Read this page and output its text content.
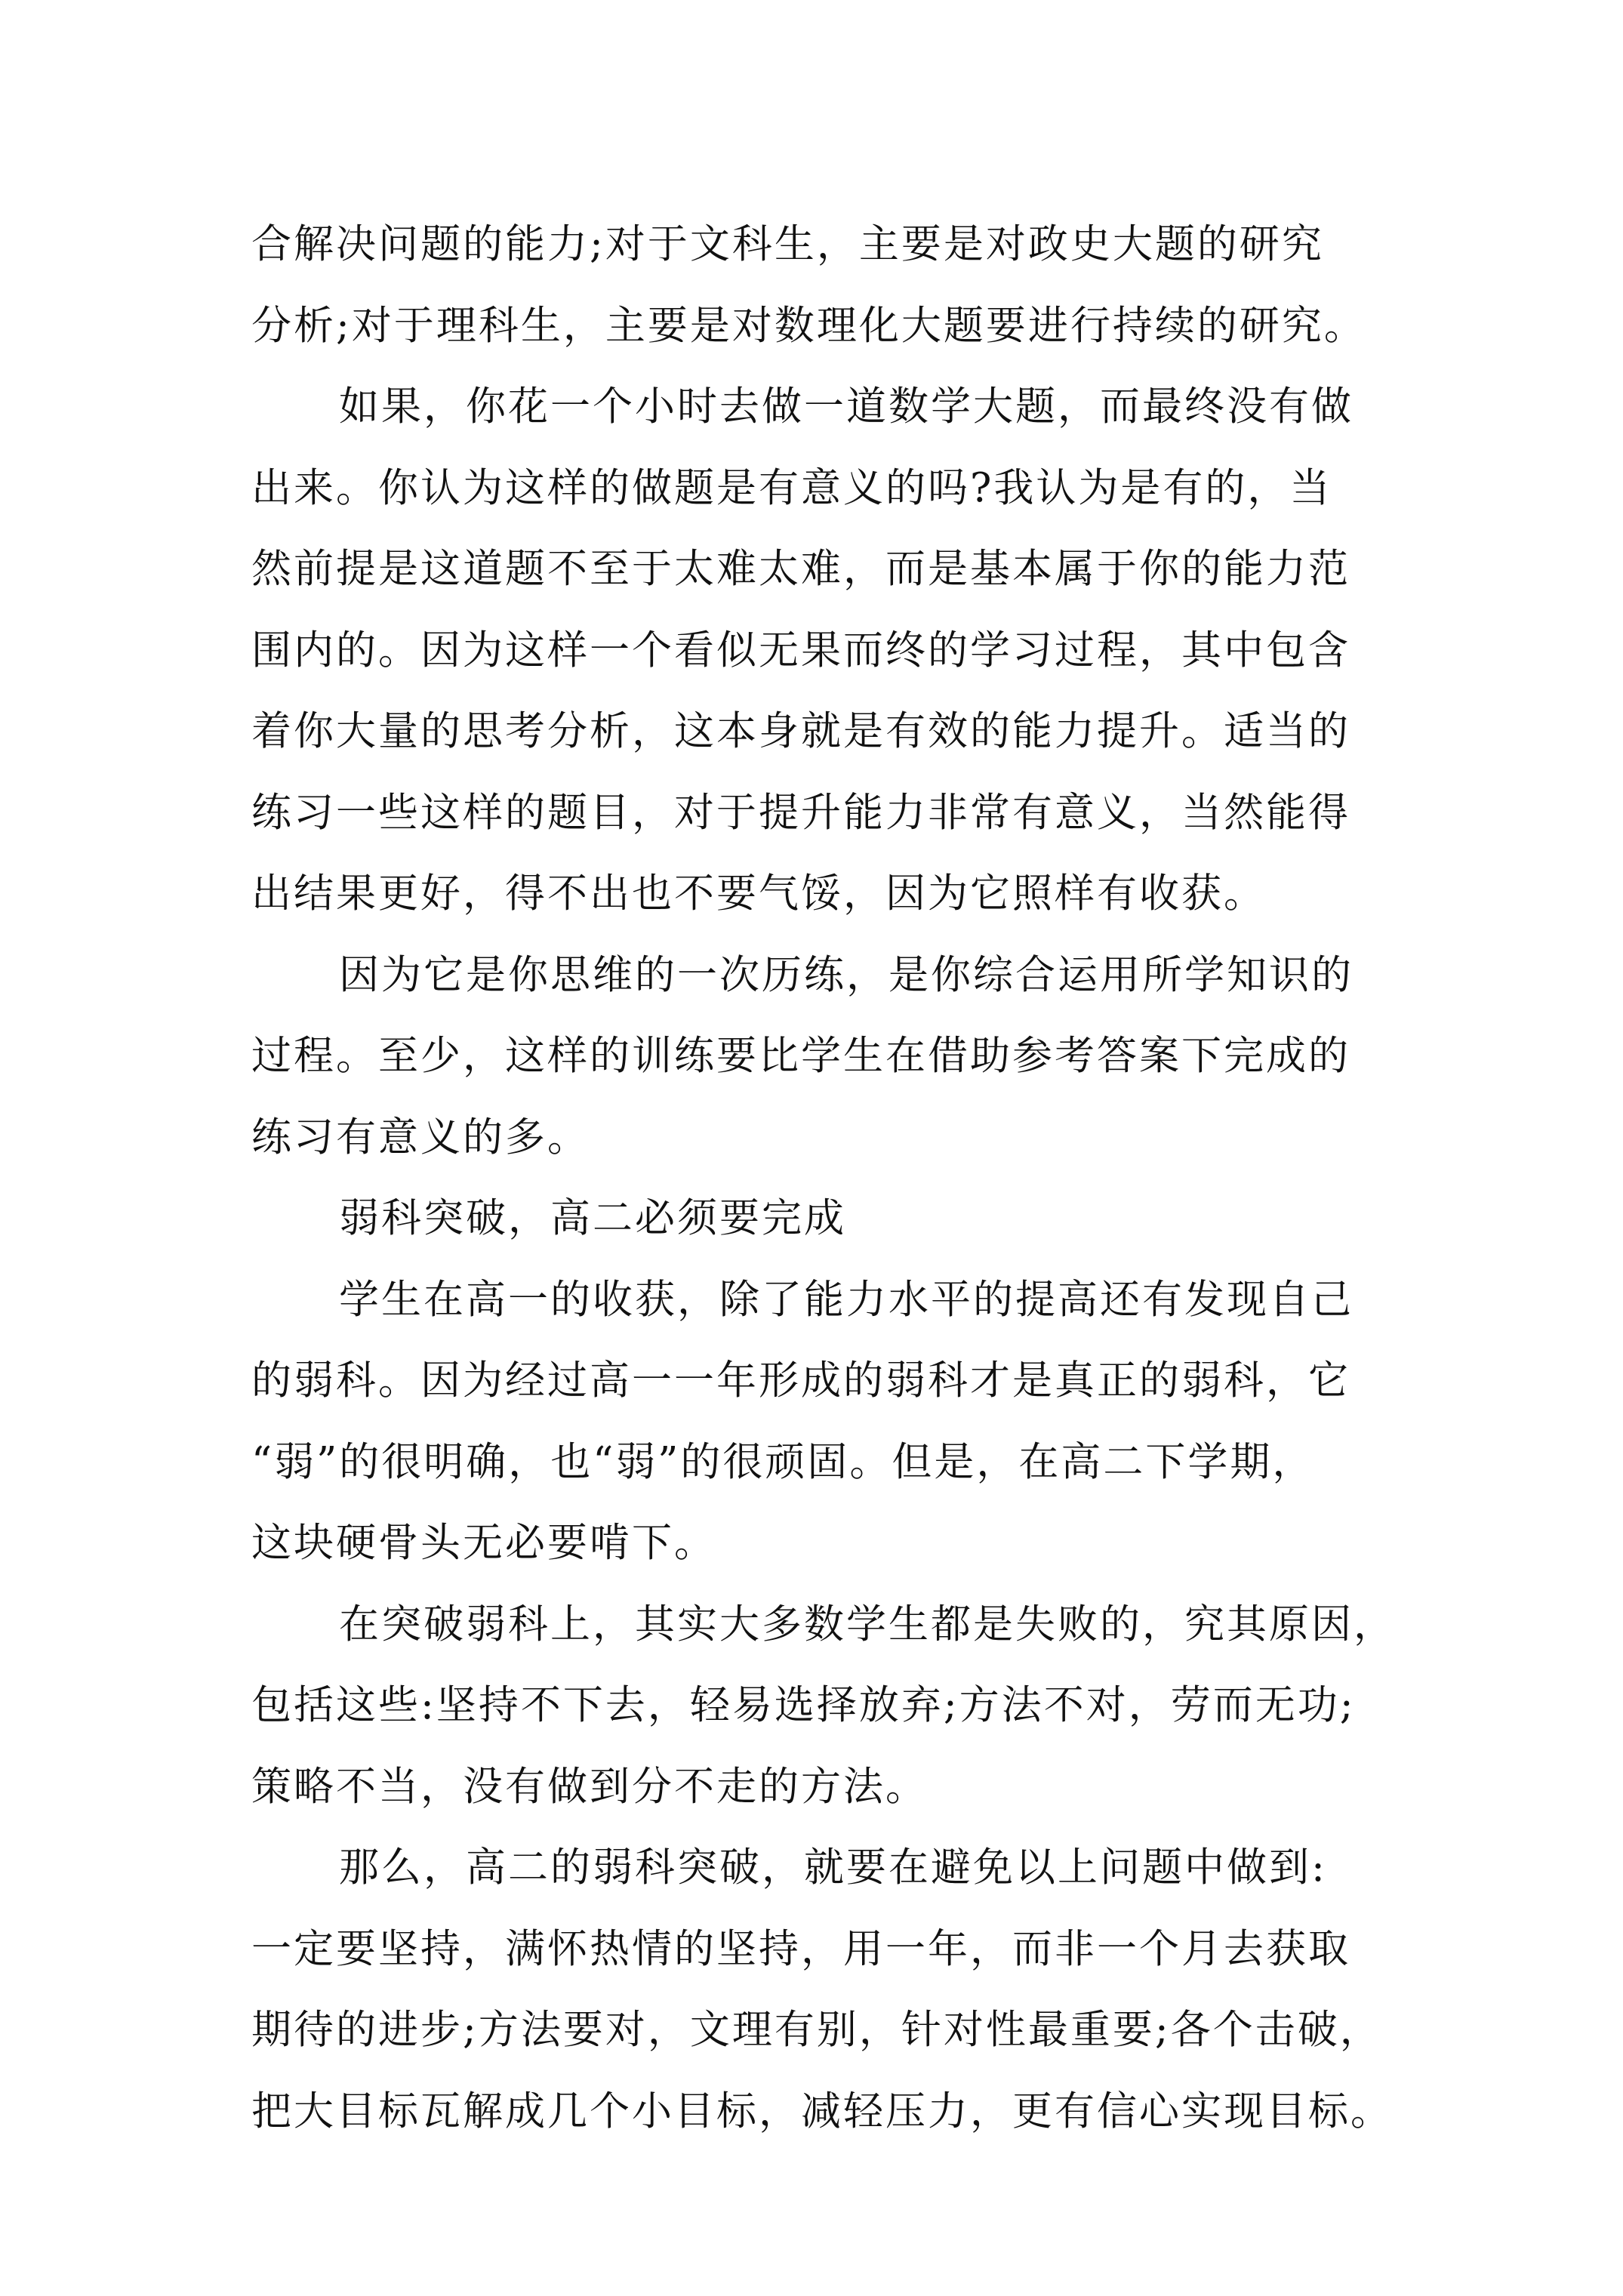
合解决问题的能力;对于文科生，主要是对政史大题的研究
分析;对于理科生，主要是对数理化大题要进行持续的研究。
如果，你花一个小时去做一道数学大题，而最终没有做
出来。你认为这样的做题是有意义的吗?我认为是有的，当
然前提是这道题不至于太难太难，而是基本属于你的能力范
围内的。因为这样一个看似无果而终的学习过程，其中包含
着你大量的思考分析，这本身就是有效的能力提升。适当的
练习一些这样的题目，对于提升能力非常有意义，当然能得
出结果更好，得不出也不要气馁，因为它照样有收获。
因为它是你思维的一次历练，是你综合运用所学知识的
过程。至少，这样的训练要比学生在借助参考答案下完成的
练习有意义的多。
弱科突破，高二必须要完成
学生在高一的收获，除了能力水平的提高还有发现自己
的弱科。因为经过高一一年形成的弱科才是真正的弱科，它
“弱”的很明确，也“弱”的很顽固。但是，在高二下学期，
这块硬骨头无必要啃下。
在突破弱科上，其实大多数学生都是失败的，究其原因，
包括这些:坚持不下去，轻易选择放弃;方法不对，劳而无功;
策略不当，没有做到分不走的方法。
那么，高二的弱科突破，就要在避免以上问题中做到:
一定要坚持，满怀热情的坚持，用一年，而非一个月去获取
期待的进步;方法要对，文理有别，针对性最重要;各个击破，
把大目标瓦解成几个小目标，减轻压力，更有信心实现目标。
